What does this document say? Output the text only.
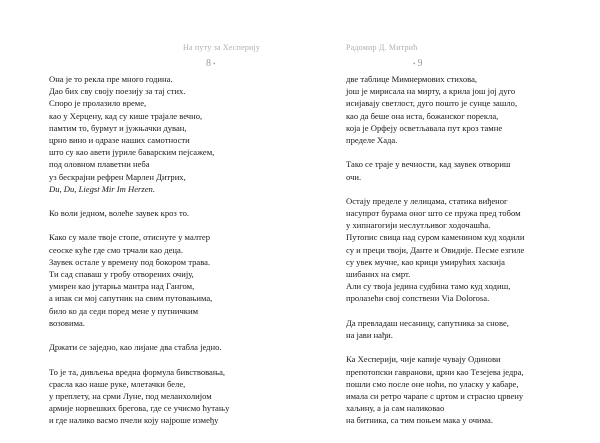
На путу за Хесперију
8 •
Она је то рекла пре много година.
Дао бих сву своју поезију за тај стих.
Споро је пролазило време,
као у Херцену, кад су кише трајале вечно,
памтим то, бурмут и јужњачки дуван,
црно вино и одразе наших самотности
што су као авети јуриле баварским пејсажем,
под оловном плаветни неба
уз бескрајни рефрен Марлен Дитрих,
Du, Du, Liegst Mir Im Herzen.
Ко воли једном, волеће заувек кроз то.
Како су мале твоје стопе, отиснуте у малтер
сеоске куће где смо трчали као деца.
Заувек остале у времену под бокором трава.
Ти сад спаваш у гробу отворених очију,
умирен као јутарња мантра над Гангом,
а ипак си мој сапутник на свим путовањима,
било ко да седи поред мене у путничким
возовима.
Држати се заједно, као лијане два стабла једно.
То је та, дивљења вредна формула бивствовања,
срасла као наше руке, млетачки беле,
у преплету, на срми Луне, под меланхолијом
армије норвешких брегова, где се учисмо ћутању
и где налико васмо пчели коју најроше између
Радомир Д. Митрић
• 9
две таблице Мимнермових стихова,
још је мирисала на мирту, а крила још јој дуго
исијавају светлост, дуго пошто је сунце зашло,
као да беше она иста, божанског порекла,
која је Орфеју осветљавала пут кроз тамне
пределе Хада.
Тако се траје у вечности, кад заувек отвориш
очи.
Остају пределе у лелицама, статика виђеног
насупрот бурама оног што се пружа пред тобом
у хипнагогији неслутљивог ходочашћа.
Путопис свица над суром каменином куд ходили
су и преци твоји, Данте и Овидије. Песме езгиле
су увек мучне, као крици умирућих хаскија
шибаних на смрт.
Али су твоја једина судбина тамо куд ходиш,
пролазећи свој сопствени Via Dolorosa.
Да превладаш несаницу, сапутника за снове,
на јави нађи.
Ка Хесперији, чије капије чувају Одинови
препотопски гавранови, црни као Тезејева једра,
пошли смо после оне ноћи, по уласку у кабаре,
имала си ретро чарапе с цртом и страсно црвену
хаљину, а ја сам наликовао
на битника, са тим поњем мака у очима.
